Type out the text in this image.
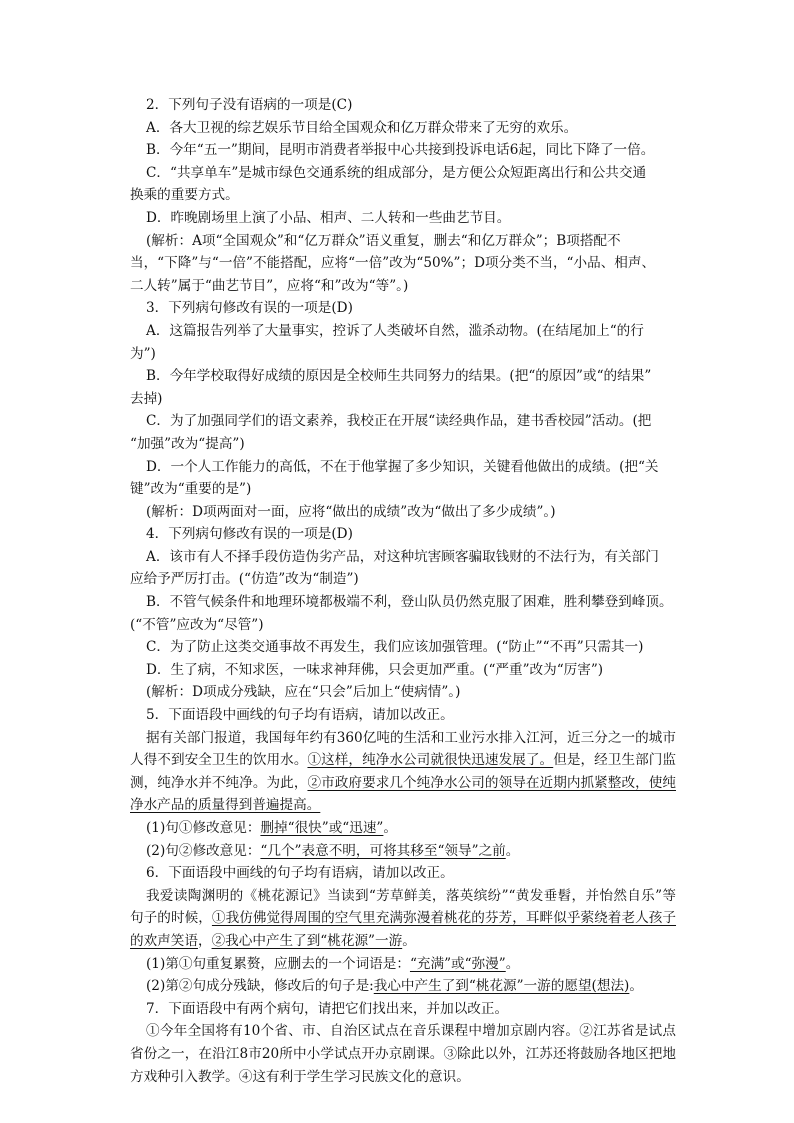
2．下列句子没有语病的一项是(C)

A．各大卫视的综艺娱乐节目给全国观众和亿万群众带来了无穷的欢乐。

B．今年“五一”期间，昆明市消费者举报中心共接到投诉电话6起，同比下降了一倍。

C．“共享单车”是城市绿色交通系统的组成部分，是方便公众短距离出行和公共交通

换乘的重要方式。

D．昨晚剧场里上演了小品、相声、二人转和一些曲艺节目。

(解析：A项“全国观众”和“亿万群众”语义重复，删去“和亿万群众”；B项搭配不

当，“下降”与“一倍”不能搭配，应将“一倍”改为“50%”；D项分类不当，“小品、相声、

二人转”属于“曲艺节目”，应将“和”改为“等”。)

3．下列病句修改有误的一项是(D)

A．这篇报告列举了大量事实，控诉了人类破坏自然，滥杀动物。(在结尾加上“的行

为”)

B．今年学校取得好成绩的原因是全校师生共同努力的结果。(把“的原因”或“的结果”

去掉)

C．为了加强同学们的语文素养，我校正在开展“读经典作品，建书香校园”活动。(把

“加强”改为“提高”)

D．一个人工作能力的高低，不在于他掌握了多少知识，关键看他做出的成绩。(把“关

键”改为“重要的是”)

(解析：D项两面对一面，应将“做出的成绩”改为“做出了多少成绩”。)

4．下列病句修改有误的一项是(D)

A．该市有人不择手段仿造伪劣产品，对这种坑害顾客骗取钱财的不法行为，有关部门

应给予严厉打击。(“仿造”改为“制造”)

B．不管气候条件和地理环境都极端不利，登山队员仍然克服了困难，胜利攀登到峰顶。

(“不管”应改为“尽管”)

C．为了防止这类交通事故不再发生，我们应该加强管理。(“防止”“不再”只需其一)

D．生了病，不知求医，一味求神拜佛，只会更加严重。(“严重”改为“厉害”)

(解析：D项成分残缺，应在“只会”后加上“使病情”。)

5．下面语段中画线的句子均有语病，请加以改正。

据有关部门报道，我国每年约有360亿吨的生活和工业污水排入江河，近三分之一的城市人得不到安全卫生的饮用水。①这样，纯净水公司就很快迅速发展了。但是，经卫生部门监测，纯净水并不纯净。为此，②市政府要求几个纯净水公司的领导在近期内抓紧整改，使纯净水产品的质量得到普遍提高。

(1)句①修改意见：删掉“很快”或“迅速”。

(2)句②修改意见：“几个”表意不明，可将其移至“领导”之前。

6．下面语段中画线的句子均有语病，请加以改正。

我爱读陶渊明的《桃花源记》当读到“芳草鲜美，落英缤纷”“黄发垂髫，并怡然自乐”等句子的时候，①我仿佛觉得周围的空气里充满弥漫着桃花的芬芳，耳畔似乎萦绕着老人孩子的欢声笑语，②我心中产生了到“桃花源”一游。

(1)第①句重复累赘，应删去的一个词语是：“充满”或“弥漫”。

(2)第②句成分残缺，修改后的句子是:我心中产生了到“桃花源”一游的愿望(想法)。

7．下面语段中有两个病句，请把它们找出来，并加以改正。

①今年全国将有10个省、市、自治区试点在音乐课程中增加京剧内容。②江苏省是试点省份之一，在沿江8市20所中小学试点开办京剧课。③除此以外，江苏还将鼓励各地区把地方戏种引入教学。④这有利于学生学习民族文化的意识。
